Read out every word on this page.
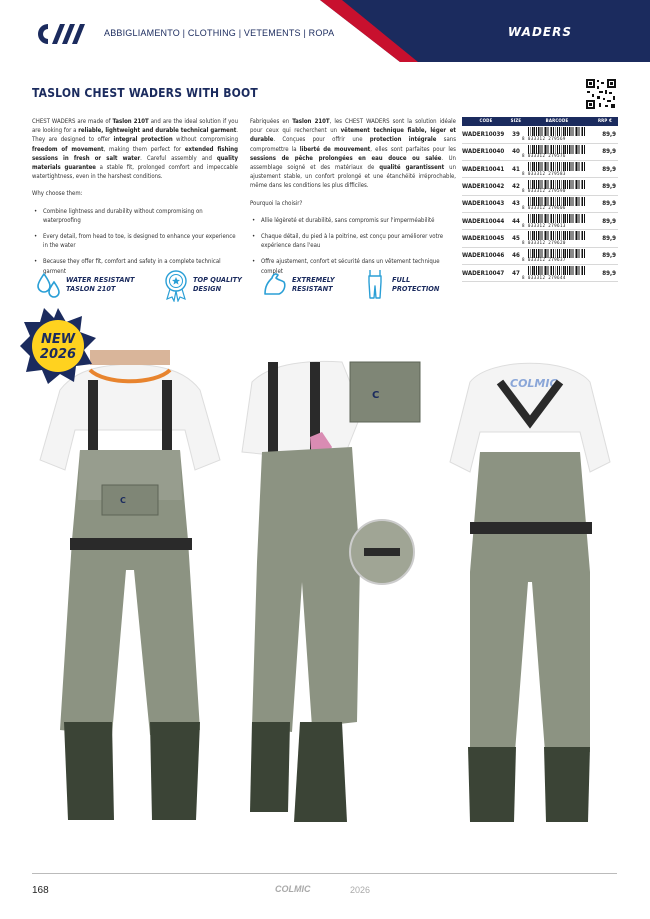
ABBIGLIAMENTO | CLOTHING | VETEMENTS | ROPA	WADERS
TASLON CHEST WADERS WITH BOOT

CHEST WADERS are made of Taslon 210T and are the ideal solution if you are looking for a reliable, lightweight and durable technical garment. They are designed to offer integral protection without compromising freedom of movement, making them perfect for extended fishing sessions in fresh or salt water. Careful assembly and quality materials guarantee a stable fit, prolonged comfort and impeccable watertightness, even in the harshest conditions.

Why choose them:

• Combine lightness and durability without compromising on waterproofing
• Every detail, from head to toe, is designed to enhance your experience in the water
• Because they offer fit, comfort and safety in a complete technical garment

Fabriquées en Taslon 210T, les CHEST WADERS sont la solution idéale pour ceux qui recherchent un vêtement technique fiable, léger et durable. Conçues pour offrir une protection intégrale sans compromettre la liberté de mouvement, elles sont parfaites pour les sessions de pêche prolongées en eau douce ou salée. Un assemblage soigné et des matériaux de qualité garantissent un ajustement stable, un confort prolongé et une étanchéité irréprochable, même dans les conditions les plus difficiles.

Pourquoi la choisir?

• Allie légèreté et durabilité, sans compromis sur l'imperméabilité
• Chaque détail, du pied à la poitrine, est conçu pour améliorer votre expérience dans l'eau
• Offre ajustement, confort et sécurité dans un vêtement technique complet
CODE	SIZE	BARCODE	RRP €
WADER10039	39	8 033312 279569	89,9
WADER10040	40	8 033312 279576	89,9
WADER10041	41	8 033312 279583	89,9
WADER10042	42	8 033312 279590	89,9
WADER10043	43	8 033312 279606	89,9
WADER10044	44	8 033312 279613	89,9
WADER10045	45	8 033312 279620	89,9
WADER10046	46	8 033312 279637	89,9
WADER10047	47	8 033312 279644	89,9
WATER RESISTANT
TASLON 210T
TOP QUALITY
DESIGN
EXTREMELY
RESISTANT
FULL
PROTECTION
C
NEW
2026
C
COLMIC
168	COLMIC	2026
